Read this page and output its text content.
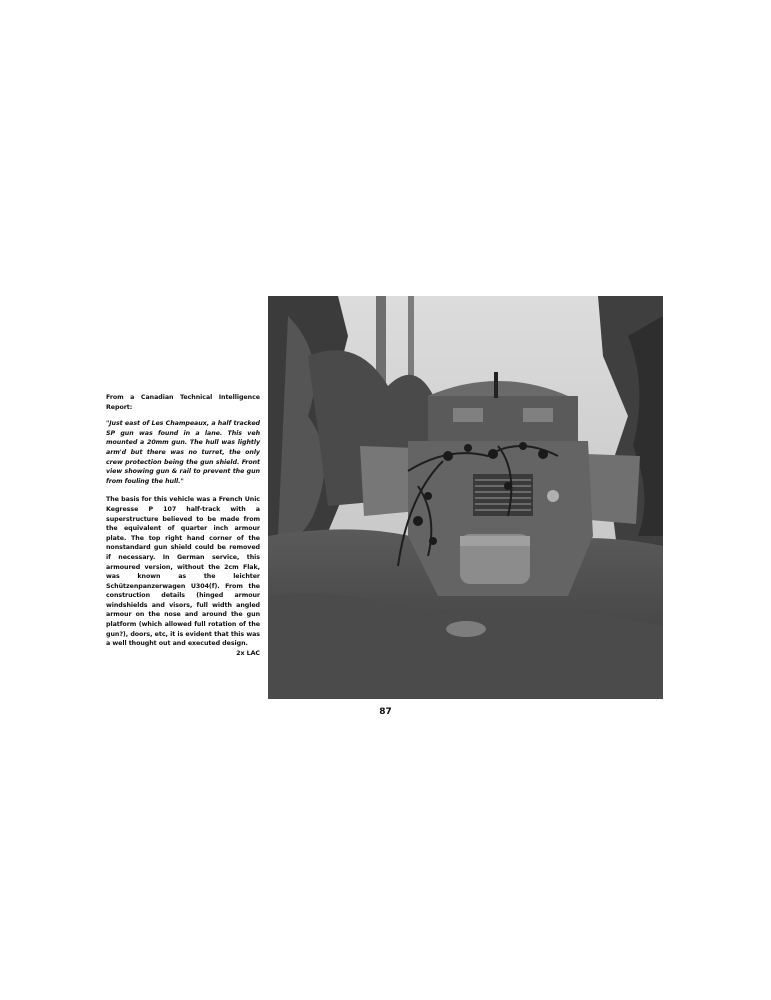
From a Canadian Technical Intelligence Report:

"Just east of Les Champeaux, a half tracked SP gun was found in a lane. This veh mounted a 20mm gun. The hull was lightly arm'd but there was no turret, the only crew protection being the gun shield. Front view showing gun & rail to prevent the gun from fouling the hull."

The basis for this vehicle was a French Unic Kegresse P 107 half-track with a superstructure believed to be made from the equivalent of quarter inch armour plate. The top right hand corner of the nonstandard gun shield could be removed if necessary. In German service, this armoured version, without the 2cm Flak, was known as the leichter Schützenpanzerwagen U304(f). From the construction details (hinged armour windshields and visors, full width angled armour on the nose and around the gun platform (which allowed full rotation of the gun?), doors, etc, it is evident that this was a well thought out and executed design.

2x LAC
87
